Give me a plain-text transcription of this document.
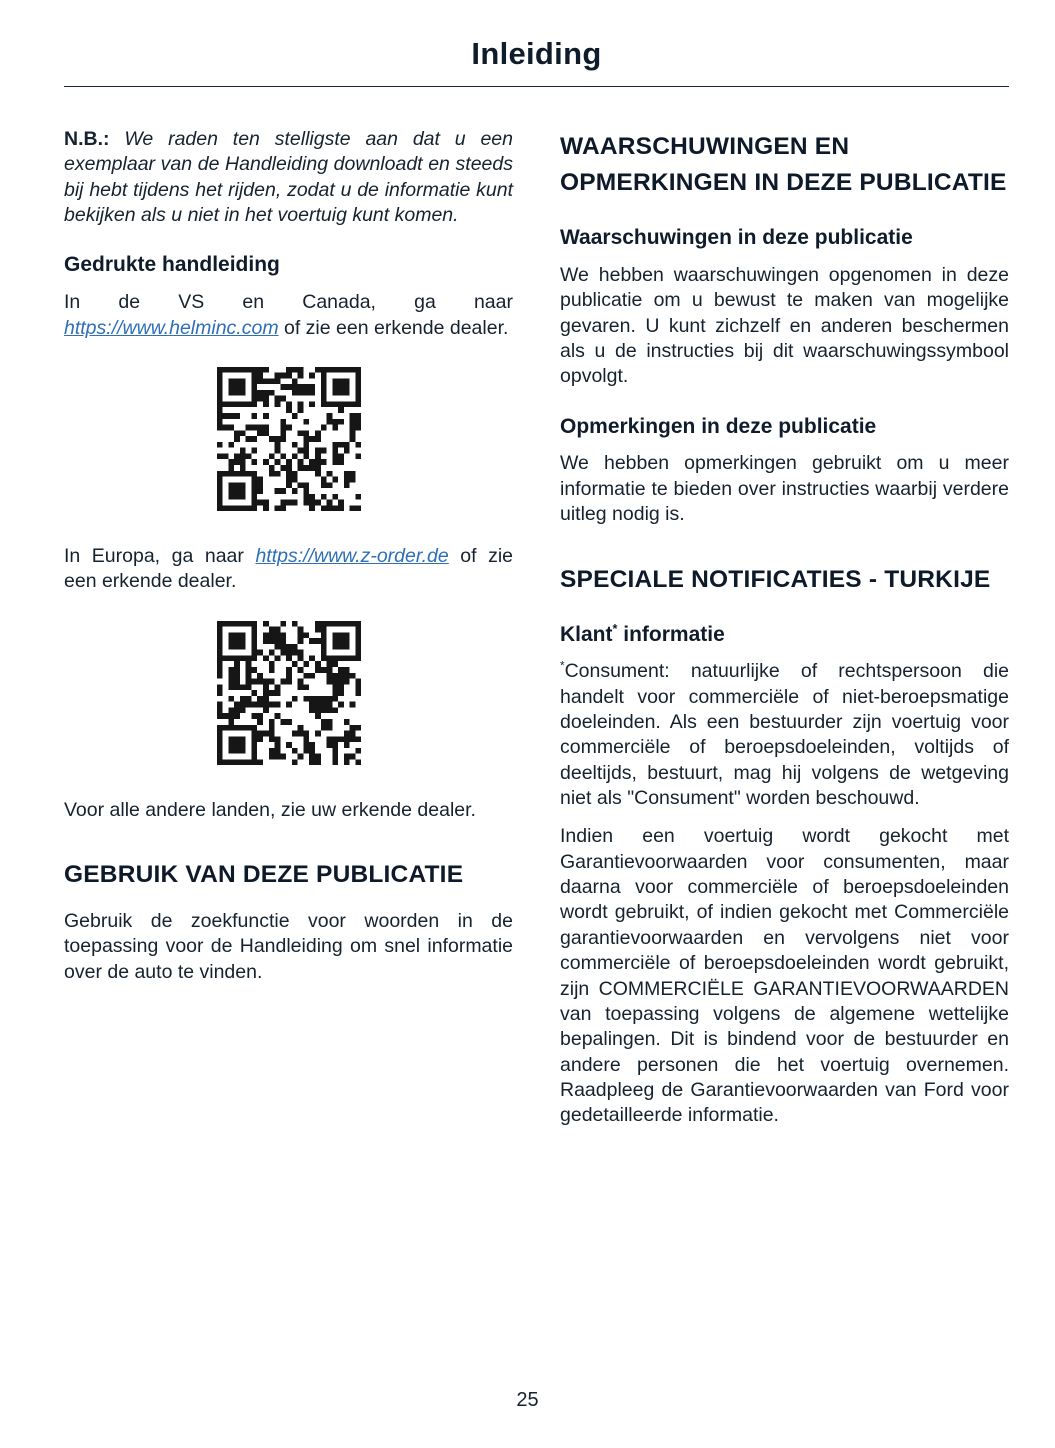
Inleiding

N.B.: We raden ten stelligste aan dat u een exemplaar van de Handleiding downloadt en steeds bij hebt tijdens het rijden, zodat u de informatie kunt bekijken als u niet in het voertuig kunt komen.

Gedrukte handleiding

In de VS en Canada, ga naar https://www.helminc.com of zie een erkende dealer.

In Europa, ga naar https://www.z-order.de of zie een erkende dealer.

Voor alle andere landen, zie uw erkende dealer.

GEBRUIK VAN DEZE PUBLICATIE

Gebruik de zoekfunctie voor woorden in de toepassing voor de Handleiding om snel informatie over de auto te vinden.

WAARSCHUWINGEN EN OPMERKINGEN IN DEZE PUBLICATIE
Waarschuwingen in deze publicatie

We hebben waarschuwingen opgenomen in deze publicatie om u bewust te maken van mogelijke gevaren. U kunt zichzelf en anderen beschermen als u de instructies bij dit waarschuwingssymbool opvolgt.

Opmerkingen in deze publicatie

We hebben opmerkingen gebruikt om u meer informatie te bieden over instructies waarbij verdere uitleg nodig is.

SPECIALE NOTIFICATIES - TURKIJE
Klant* informatie

*Consument: natuurlijke of rechtspersoon die handelt voor commerciële of niet-beroepsmatige doeleinden. Als een bestuurder zijn voertuig voor commerciële of beroepsdoeleinden, voltijds of deeltijds, bestuurt, mag hij volgens de wetgeving niet als "Consument" worden beschouwd.

Indien een voertuig wordt gekocht met Garantievoorwaarden voor consumenten, maar daarna voor commerciële of beroepsdoeleinden wordt gebruikt, of indien gekocht met Commerciële garantievoorwaarden en vervolgens niet voor commerciële of beroepsdoeleinden wordt gebruikt, zijn COMMERCIËLE GARANTIEVOORWAARDEN van toepassing volgens de algemene wettelijke bepalingen. Dit is bindend voor de bestuurder en andere personen die het voertuig overnemen. Raadpleeg de Garantievoorwaarden van Ford voor gedetailleerde informatie.

25
